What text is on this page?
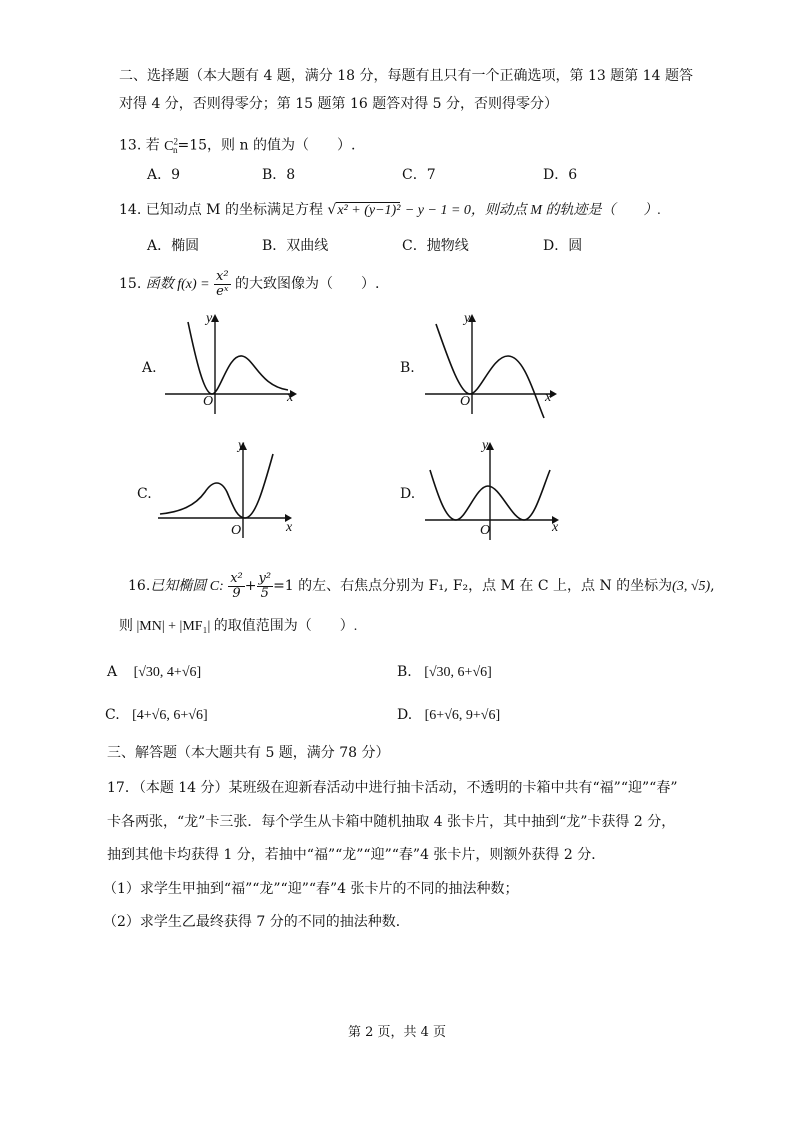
二、选择题（本大题有 4 题，满分 18 分，每题有且只有一个正确选项，第 13 题第 14 题答
对得 4 分，否则得零分；第 15 题第 16 题答对得 5 分，否则得零分）
13. 若 $C^2_n=15$，则 n 的值为（　　）.
A．9	B．8	C．7	D．6
14. 已知动点 M 的坐标满足方程 √x² + (y−1)² − y − 1 = 0，则动点 M 的轨迹是（　　）.
A．椭圆	B．双曲线	C．抛物线	D．圆
15. 函数 $f(x) = \frac{\text{x²}}{\text{eˣ}}$ 的大致图像为（　　）.
A.
y
x
O
B.
y
x
O
C.
y
x
O
D.
y
x
O
16.已知椭圆 C: $\frac{\text{x²}}{9} + \frac{\text{y²}}{5} =1$ 的左、右焦点分别为 F₁, F₂，点 M 在 C 上，点 N 的坐标为(3, √5),
则 |MN| + |MF₁| 的取值范围为（　　）.
A [√30, 4+√6]	B. [√30, 6+√6]
C. [4+√6, 6+√6]	D. [6+√6, 9+√6]
三、解答题（本大题共有 5 题，满分 78 分）
17．（本题 14 分）某班级在迎新春活动中进行抽卡活动，不透明的卡箱中共有“福”“迎”“春”
卡各两张，“龙”卡三张．每个学生从卡箱中随机抽取 4 张卡片，其中抽到“龙”卡获得 2 分，
抽到其他卡均获得 1 分，若抽中“福”“龙”“迎”“春”4 张卡片，则额外获得 2 分．
（1）求学生甲抽到“福”“龙”“迎”“春”4 张卡片的不同的抽法种数；
（2）求学生乙最终获得 7 分的不同的抽法种数．
第 2 页，共 4 页
